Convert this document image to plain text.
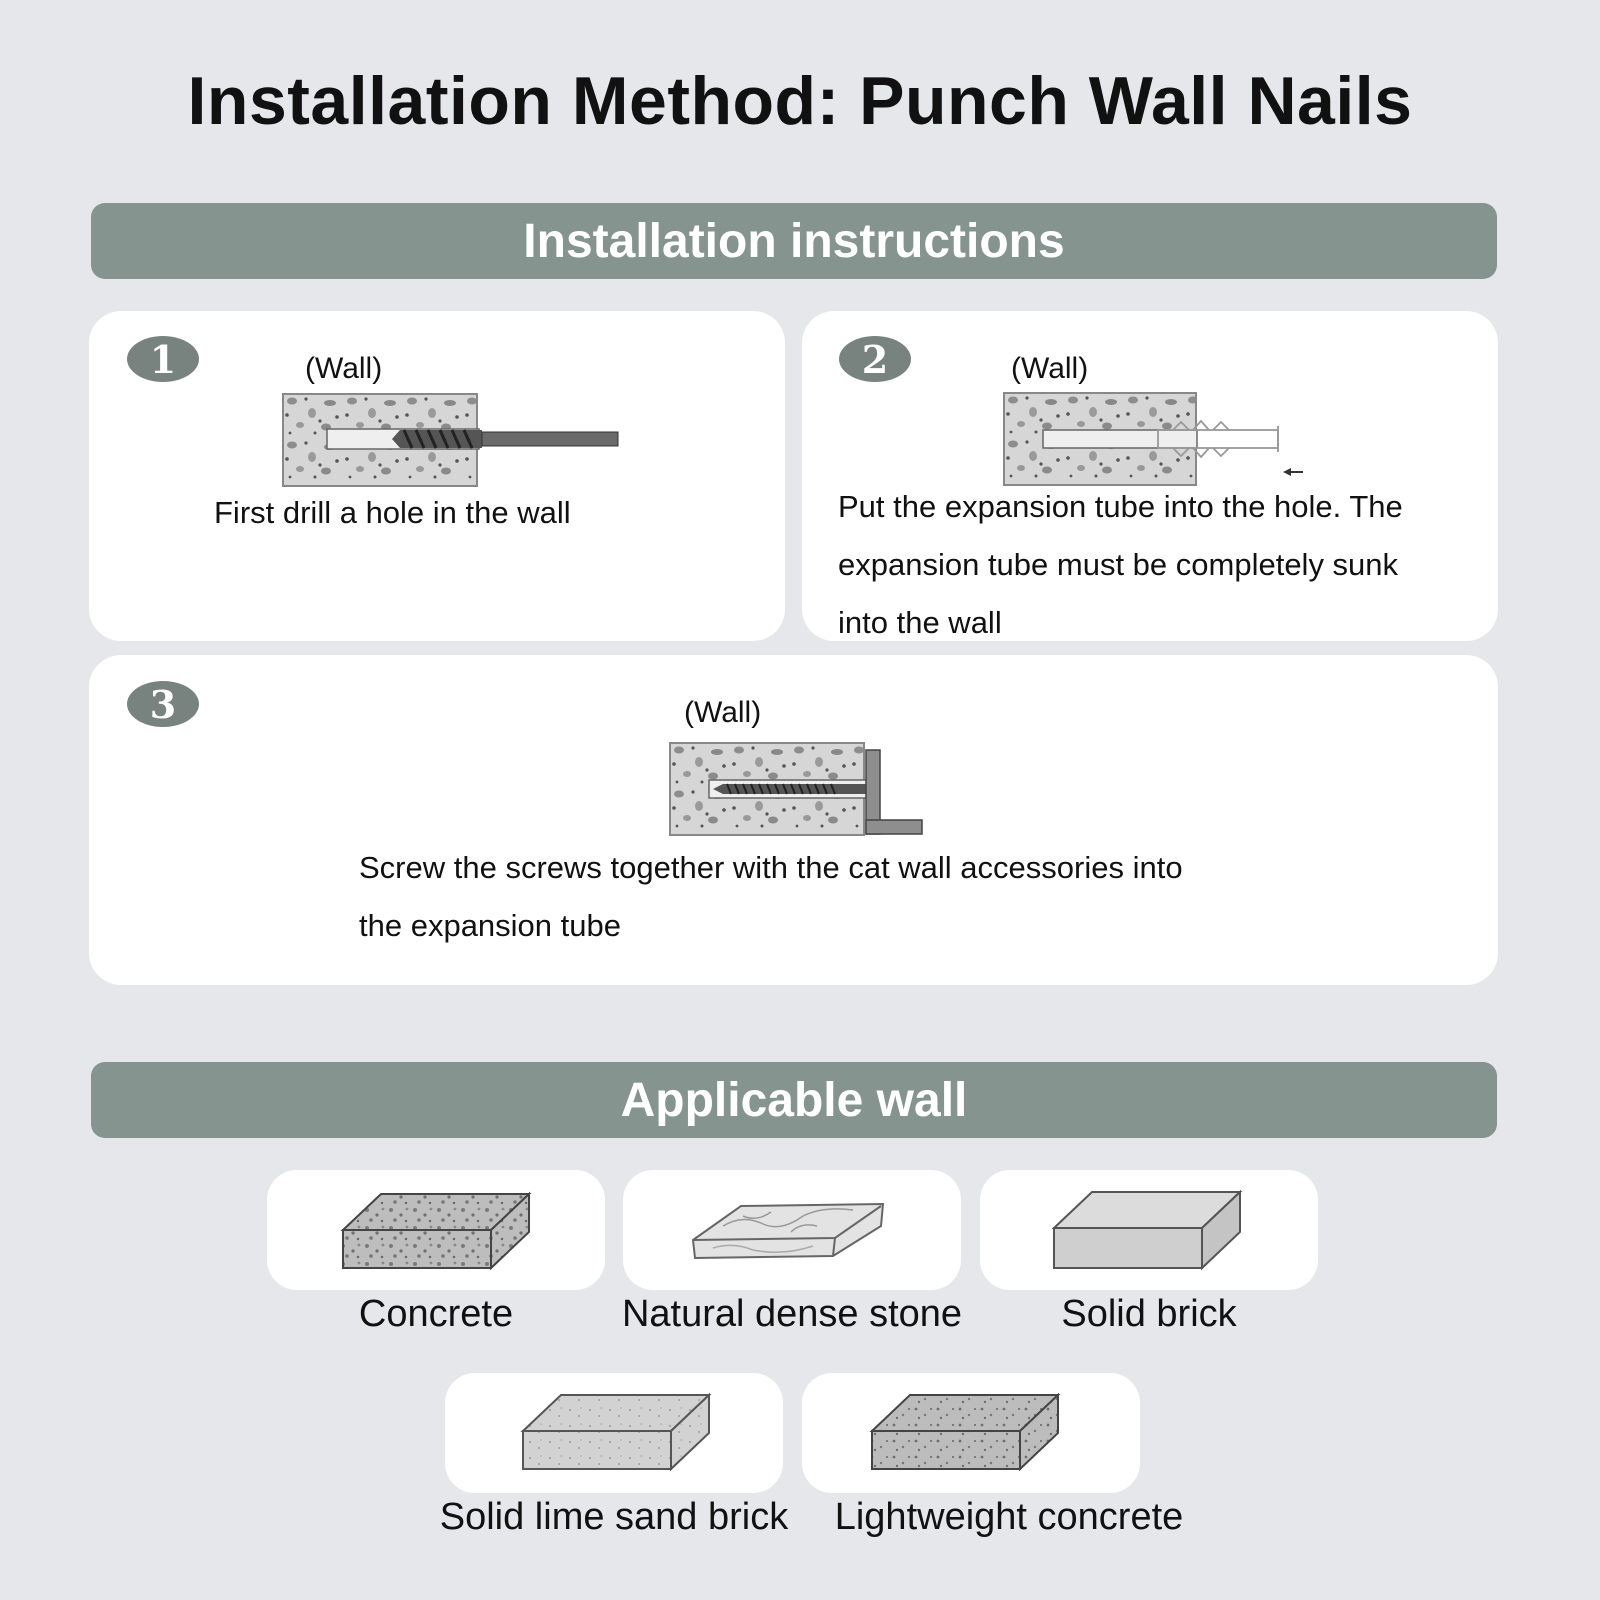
Installation Method: Punch Wall Nails
Installation instructions
1	(Wall)
First drill a hole in the wall
2	(Wall)
Put the expansion tube into the hole. The
expansion tube must be completely sunk
into the wall
3	(Wall)
Screw the screws together with the cat wall accessories into
the expansion tube
Applicable wall
Concrete	Natural dense stone	Solid brick
Solid lime sand brick	Lightweight concrete
